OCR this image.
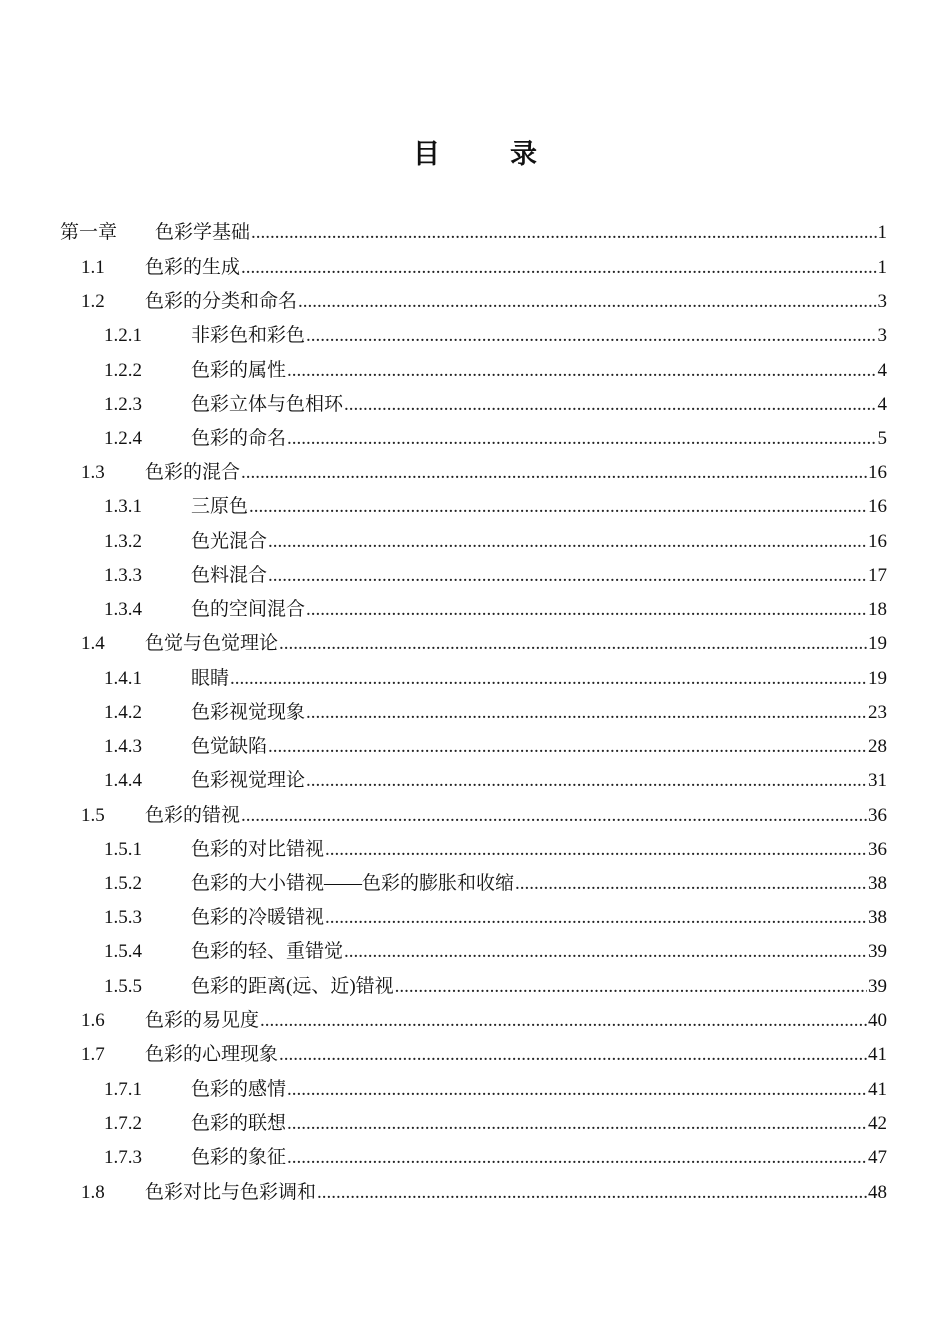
目	录
第一章	色彩学基础 .....	1
1.1	色彩的生成 .....	1
1.2	色彩的分类和命名 .....	3
1.2.1	非彩色和彩色 .....	3
1.2.2	色彩的属性 .....	4
1.2.3	色彩立体与色相环 .....	4
1.2.4	色彩的命名 .....	5
1.3	色彩的混合 .....	16
1.3.1	三原色 .....	16
1.3.2	色光混合 .....	16
1.3.3	色料混合 .....	17
1.3.4	色的空间混合 .....	18
1.4	色觉与色觉理论 .....	19
1.4.1	眼睛 .....	19
1.4.2	色彩视觉现象 .....	23
1.4.3	色觉缺陷 .....	28
1.4.4	色彩视觉理论 .....	31
1.5	色彩的错视 .....	36
1.5.1	色彩的对比错视 .....	36
1.5.2	色彩的大小错视——色彩的膨胀和收缩 .....	38
1.5.3	色彩的冷暖错视 .....	38
1.5.4	色彩的轻、重错觉 .....	39
1.5.5	色彩的距离(远、近)错视 .....	39
1.6	色彩的易见度 .....	40
1.7	色彩的心理现象 .....	41
1.7.1	色彩的感情 .....	41
1.7.2	色彩的联想 .....	42
1.7.3	色彩的象征 .....	47
1.8	色彩对比与色彩调和 .....	48
